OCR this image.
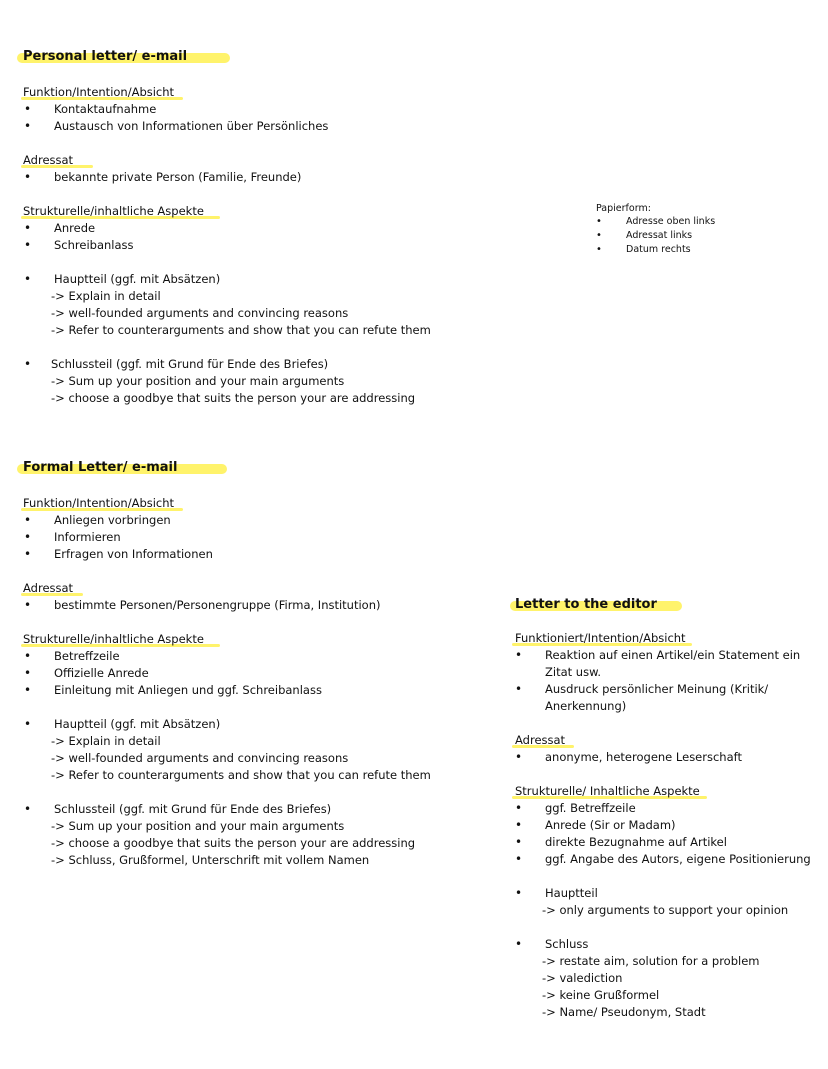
Personal letter/ e-mail
Funktion/Intention/Absicht
• Kontaktaufnahme
• Austausch von Informationen über Persönliches
Adressat
• bekannte private Person (Familie, Freunde)
Strukturelle/inhaltliche Aspekte
• Anrede
• Schreibanlass
• Hauptteil (ggf. mit Absätzen)
-> Explain in detail
-> well-founded arguments and convincing reasons
-> Refer to counterarguments and show that you can refute them
• Schlussteil (ggf. mit Grund für Ende des Briefes)
-> Sum up your position and your main arguments
-> choose a goodbye that suits the person your are addressing
Papierform:
•	Adresse oben links
•	Adressat links
•	Datum rechts
Formal Letter/ e-mail
Funktion/Intention/Absicht
• Anliegen vorbringen
• Informieren
• Erfragen von Informationen
Adressat
• bestimmte Personen/Personengruppe (Firma, Institution)
Strukturelle/inhaltliche Aspekte
• Betreffzeile
• Offizielle Anrede
• Einleitung mit Anliegen und ggf. Schreibanlass
• Hauptteil (ggf. mit Absätzen)
-> Explain in detail
-> well-founded arguments and convincing reasons
-> Refer to counterarguments and show that you can refute them
• Schlussteil (ggf. mit Grund für Ende des Briefes)
-> Sum up your position and your main arguments
-> choose a goodbye that suits the person your are addressing
-> Schluss, Grußformel, Unterschrift mit vollem Namen
Letter to the editor
Funktioniert/Intention/Absicht
• Reaktion auf einen Artikel/ein Statement ein
Zitat usw.
• Ausdruck persönlicher Meinung (Kritik/
Anerkennung)
Adressat
• anonyme, heterogene Leserschaft
Strukturelle/ Inhaltliche Aspekte
• ggf. Betreffzeile
• Anrede (Sir or Madam)
• direkte Bezugnahme auf Artikel
• ggf. Angabe des Autors, eigene Positionierung
• Hauptteil
-> only arguments to support your opinion
• Schluss
-> restate aim, solution for a problem
-> valediction
-> keine Grußformel
-> Name/ Pseudonym, Stadt
